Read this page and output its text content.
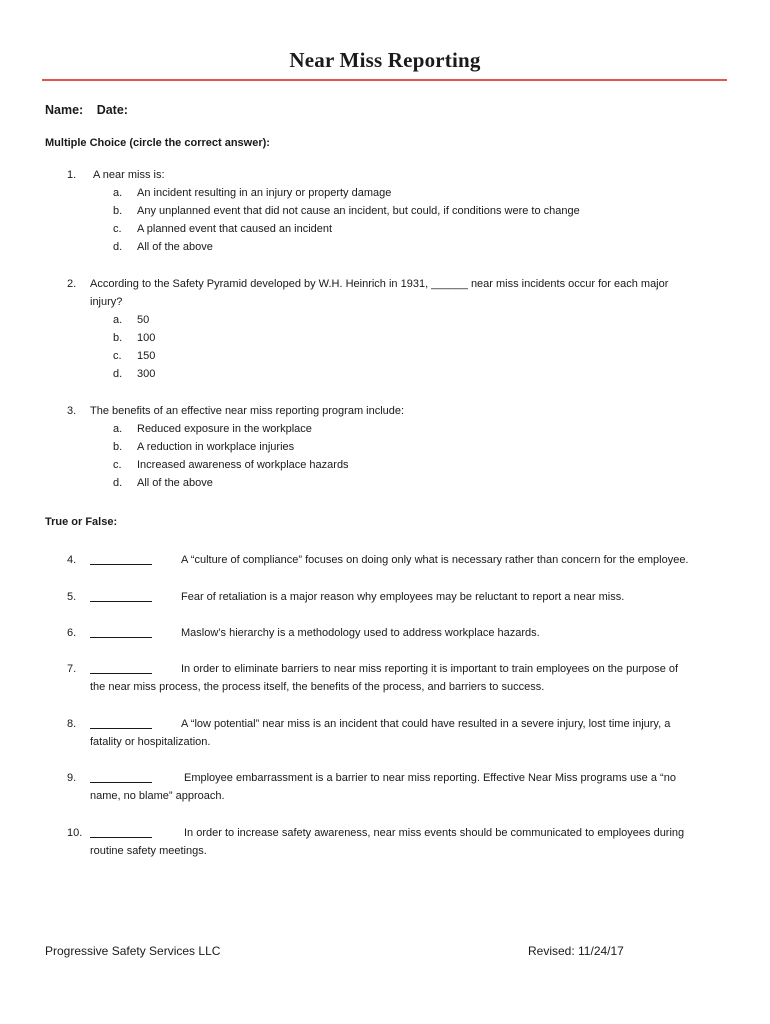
Near Miss Reporting
Name: Date:
Multiple Choice (circle the correct answer):
1. A near miss is:
a. An incident resulting in an injury or property damage
b. Any unplanned event that did not cause an incident, but could, if conditions were to change
c. A planned event that caused an incident
d. All of the above
2. According to the Safety Pyramid developed by W.H. Heinrich in 1931, ______ near miss incidents occur for each major
injury?
a. 50
b. 100
c. 150
d. 300
3. The benefits of an effective near miss reporting program include:
a. Reduced exposure in the workplace
b. A reduction in workplace injuries
c. Increased awareness of workplace hazards
d. All of the above
True or False:
4.	A “culture of compliance” focuses on doing only what is necessary rather than concern for the employee.
5.	Fear of retaliation is a major reason why employees may be reluctant to report a near miss.
6.	Maslow’s hierarchy is a methodology used to address workplace hazards.
7.	In order to eliminate barriers to near miss reporting it is important to train employees on the purpose of
the near miss process, the process itself, the benefits of the process, and barriers to success.
8.	A “low potential” near miss is an incident that could have resulted in a severe injury, lost time injury, a
fatality or hospitalization.
9.	Employee embarrassment is a barrier to near miss reporting. Effective Near Miss programs use a “no
name, no blame” approach.
10.	In order to increase safety awareness, near miss events should be communicated to employees during
routine safety meetings.
Progressive Safety Services LLC	Revised: 11/24/17
